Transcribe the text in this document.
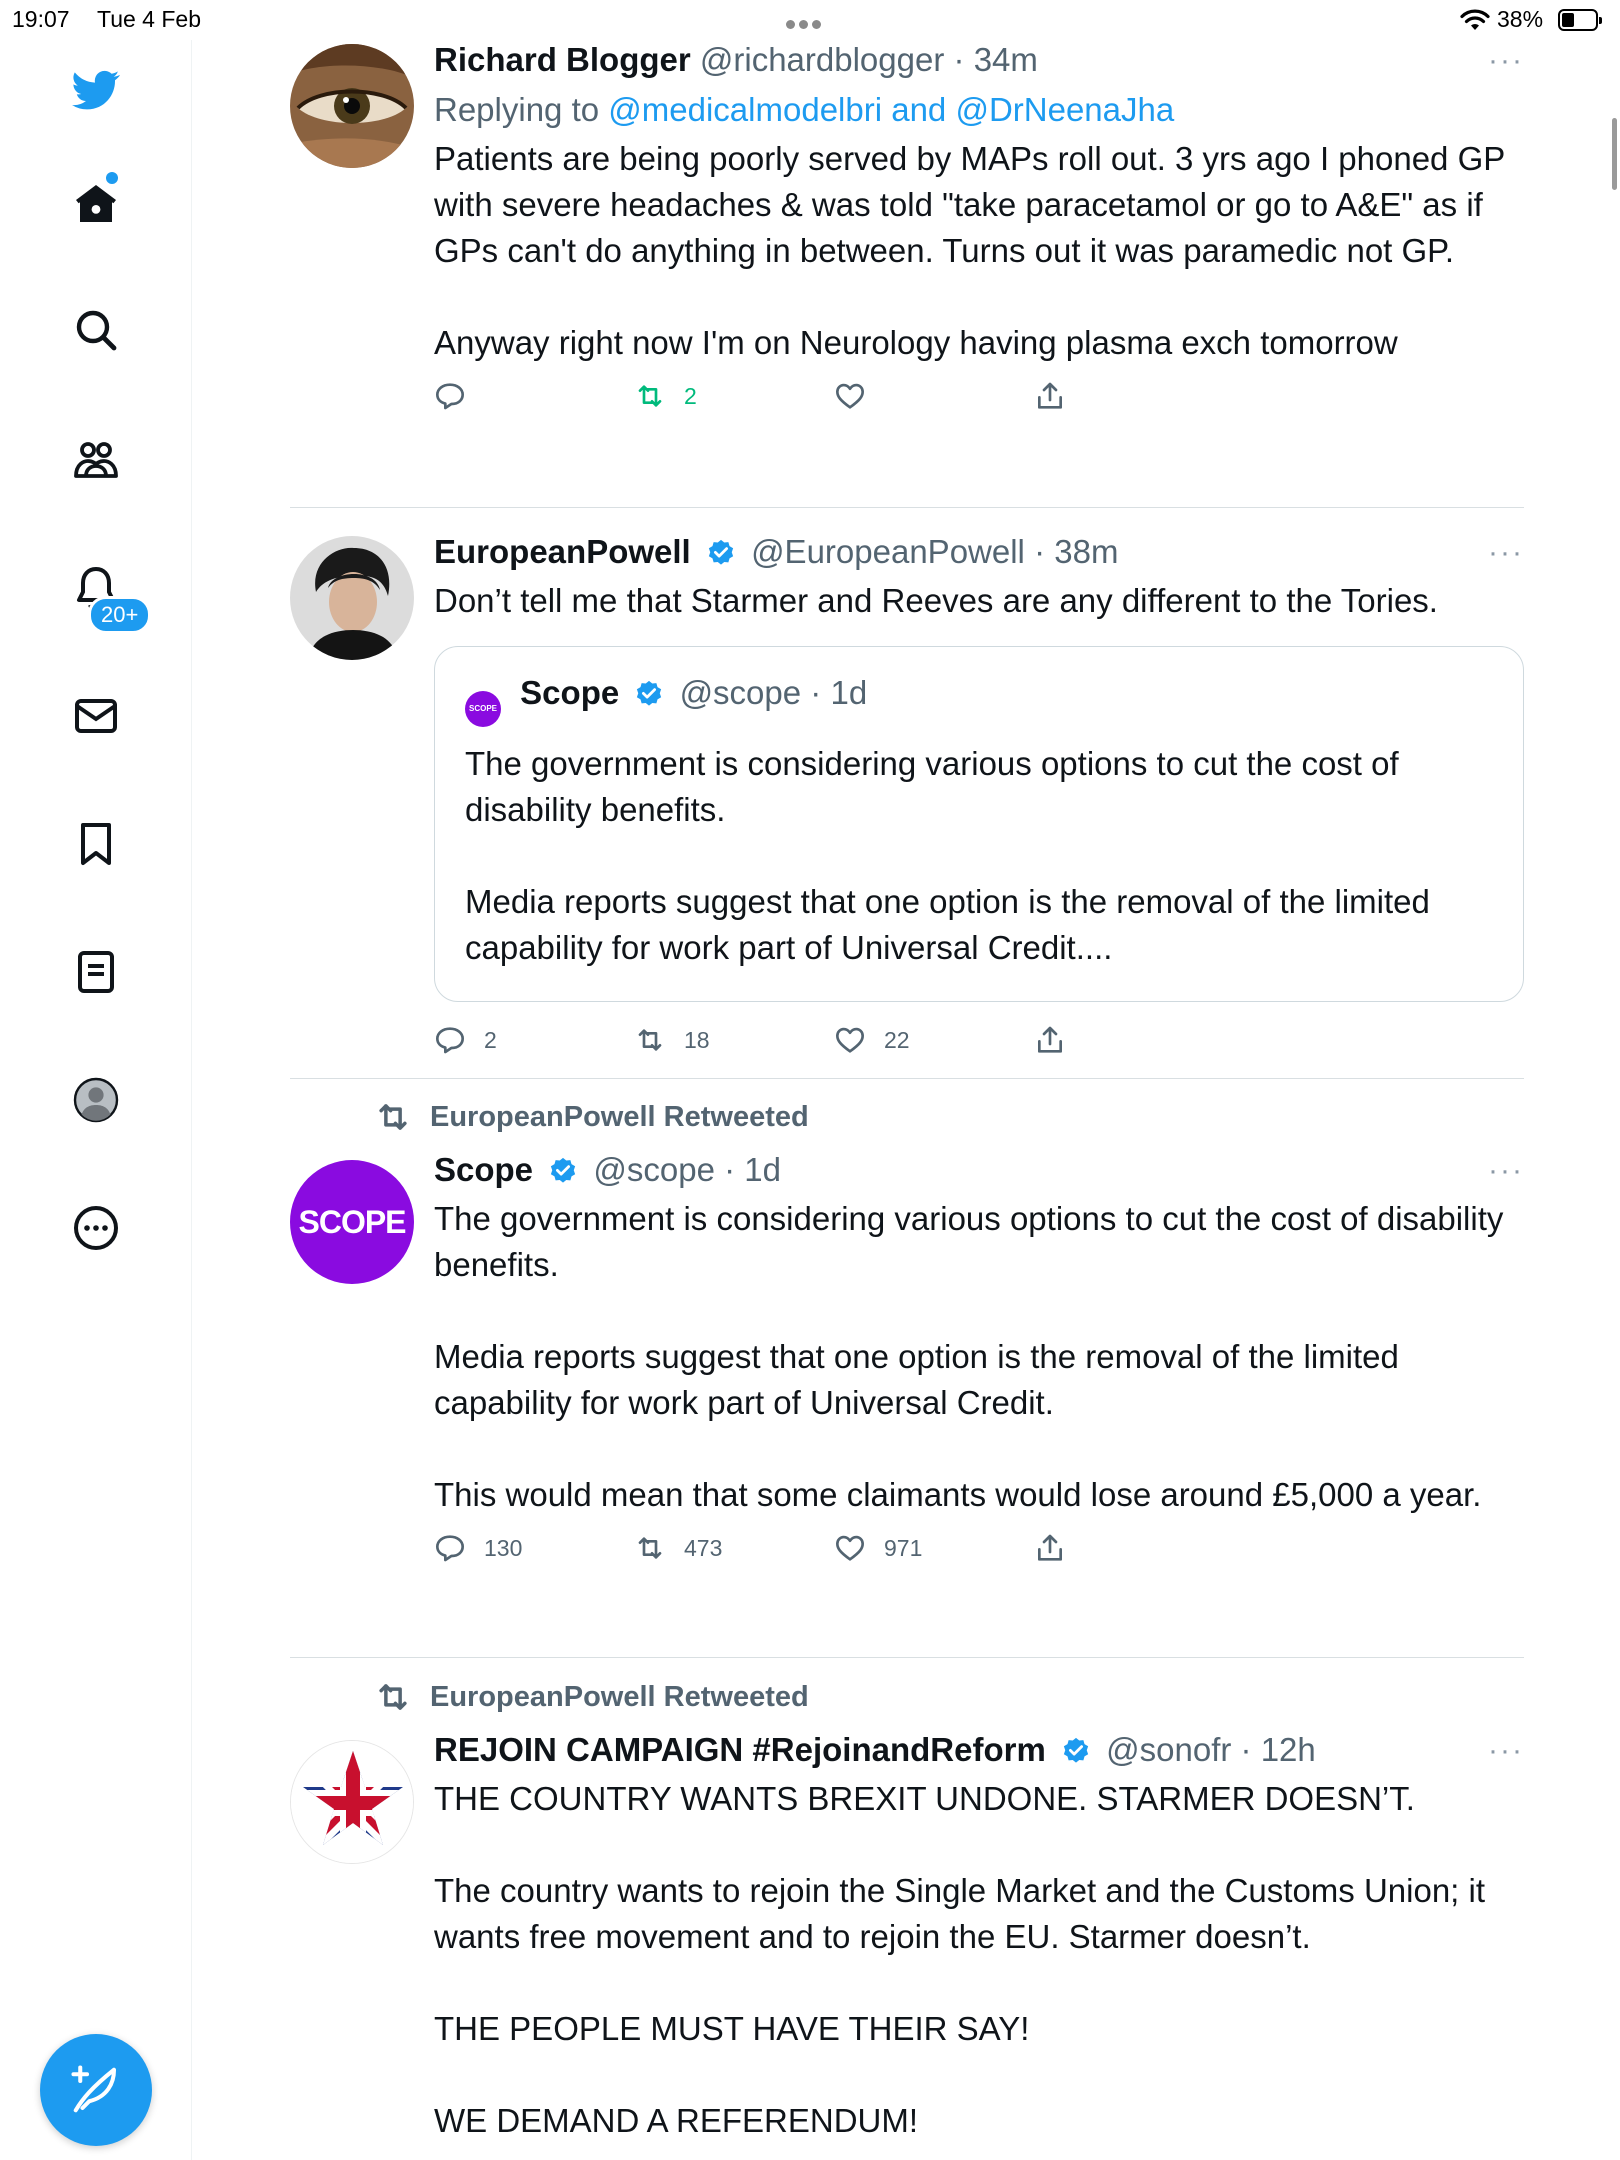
19:07 Tue 4 Feb	38%
20+
Richard Blogger @richardblogger · 34m	···
Replying to @medicalmodelbri and @DrNeenaJha
Patients are being poorly served by MAPs roll out. 3 yrs ago I phoned GP with severe headaches & was told "take paracetamol or go to A&E" as if GPs can't do anything in between. Turns out it was paramedic not GP.

Anyway right now I'm on Neurology having plasma exch tomorrow
2
EuropeanPowell @EuropeanPowell · 38m	···
Don’t tell me that Starmer and Reeves are any different to the Tories.
SCOPE Scope @scope · 1d
The government is considering various options to cut the cost of disability benefits.

Media reports suggest that one option is the removal of the limited capability for work part of Universal Credit....
2	18	22
EuropeanPowell Retweeted
SCOPE
Scope @scope · 1d	···
The government is considering various options to cut the cost of disability benefits.

Media reports suggest that one option is the removal of the limited capability for work part of Universal Credit.

This would mean that some claimants would lose around £5,000 a year.
130	473	971
EuropeanPowell Retweeted
REJOIN CAMPAIGN #RejoinandReform @sonofr · 12h	···
THE COUNTRY WANTS BREXIT UNDONE. STARMER DOESN’T.

The country wants to rejoin the Single Market and the Customs Union; it wants free movement and to rejoin the EU. Starmer doesn’t.

THE PEOPLE MUST HAVE THEIR SAY!

WE DEMAND A REFERENDUM!
